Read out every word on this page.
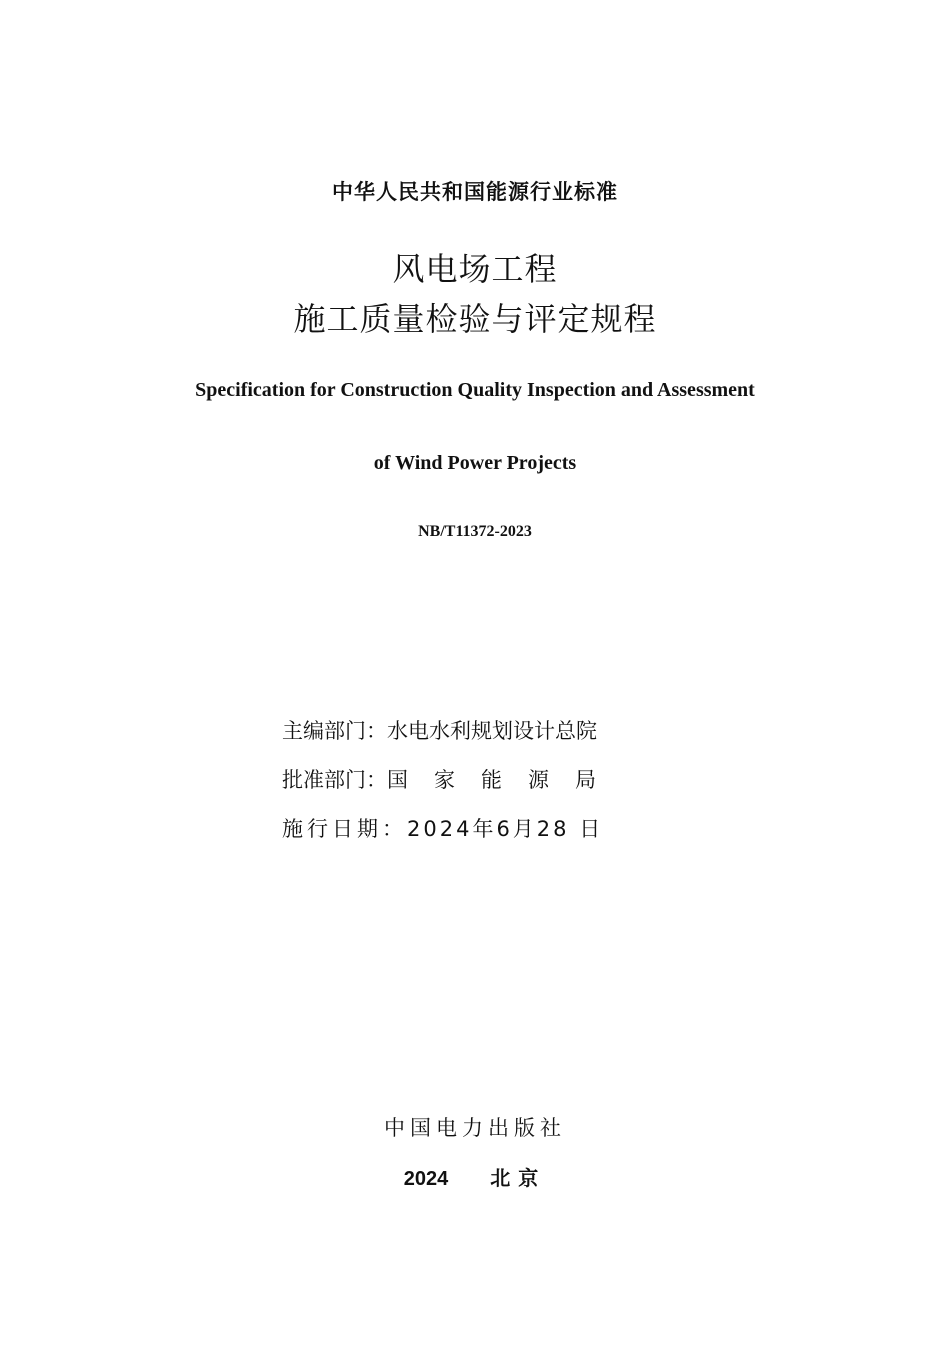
中华人民共和国能源行业标准
风电场工程
施工质量检验与评定规程
Specification for Construction Quality Inspection and Assessment
of Wind Power Projects
NB/T11372-2023
主编部门：水电水利规划设计总院
批准部门：国家能源局
施行日期：2024年6月28 日
中国电力出版社
2024 北京
